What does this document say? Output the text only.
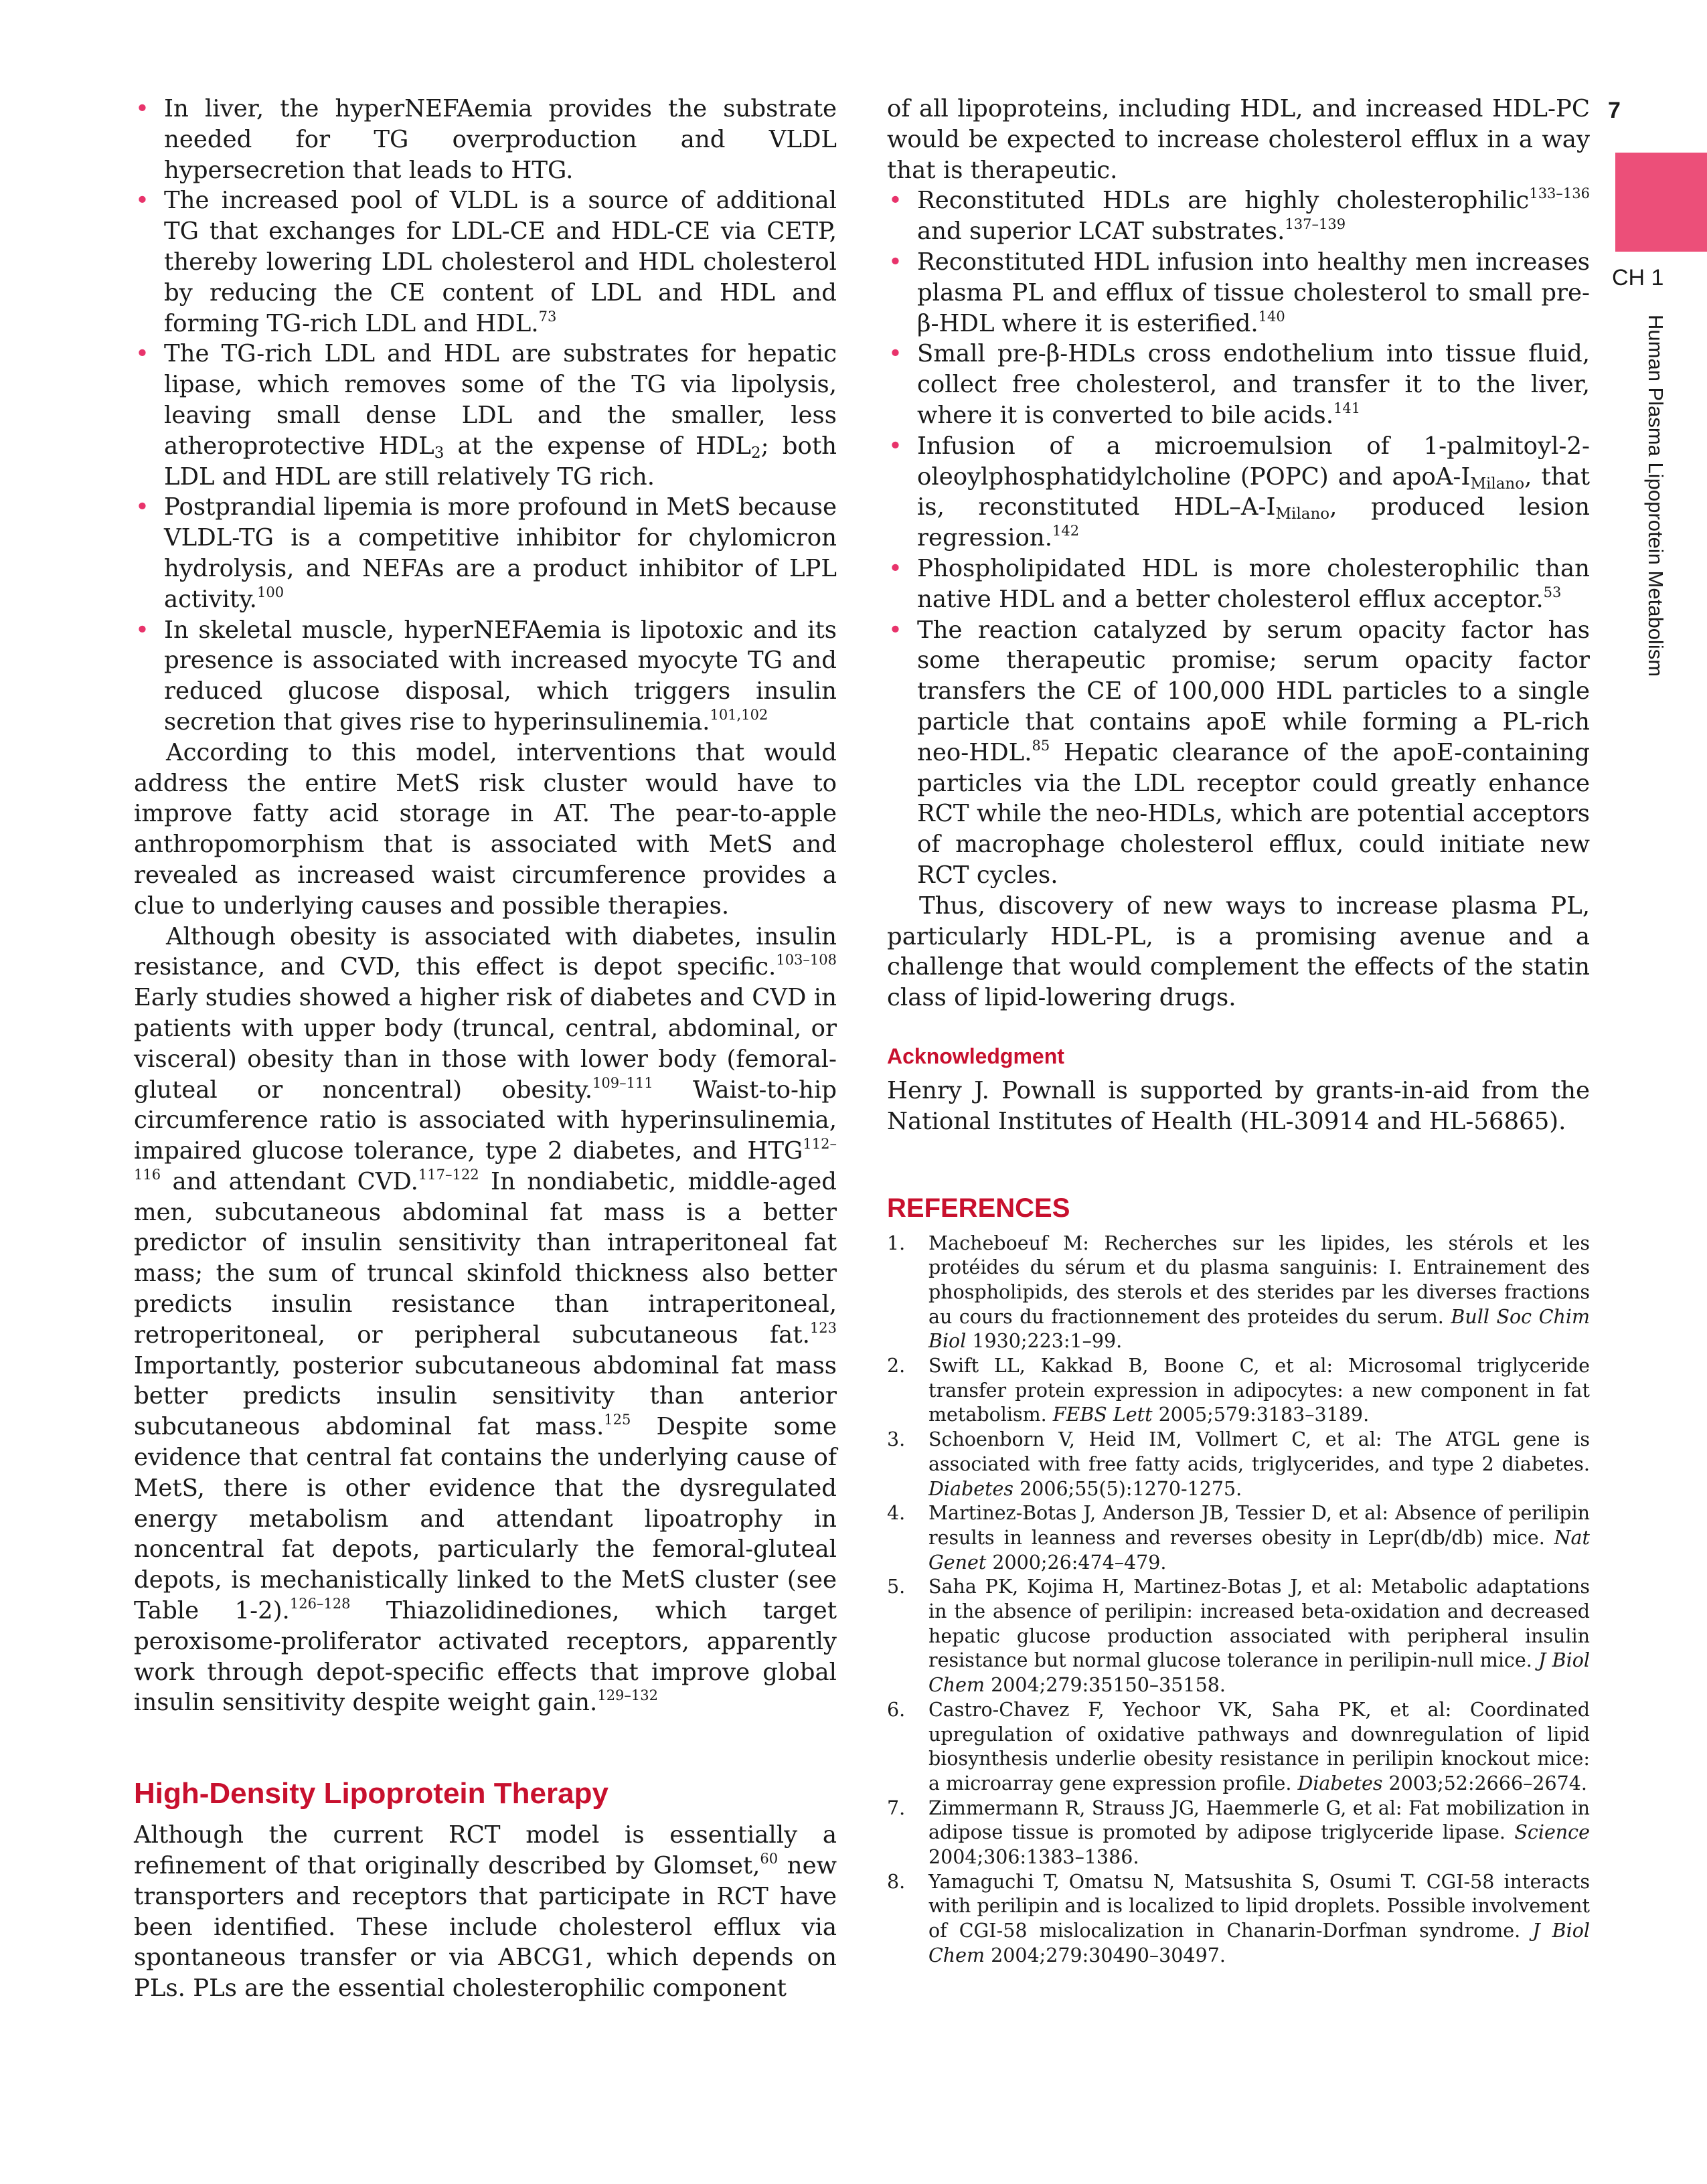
7
CH 1
Human Plasma Lipoprotein Metabolism
• In liver, the hyperNEFAemia provides the substrate needed for TG overproduction and VLDL hypersecretion that leads to HTG.
• The increased pool of VLDL is a source of additional TG that exchanges for LDL-CE and HDL-CE via CETP, thereby lowering LDL cholesterol and HDL cholesterol by reducing the CE content of LDL and HDL and forming TG-rich LDL and HDL.$^{73}$
• The TG-rich LDL and HDL are substrates for hepatic lipase, which removes some of the TG via lipolysis, leaving small dense LDL and the smaller, less atheroprotective $HDL_3$ at the expense of $HDL_2$; both LDL and HDL are still relatively TG rich.
• Postprandial lipemia is more profound in MetS because VLDL-TG is a competitive inhibitor for chylomicron hydrolysis, and NEFAs are a product inhibitor of LPL activity.$^{100}$
• In skeletal muscle, hyperNEFAemia is lipotoxic and its presence is associated with increased myocyte TG and reduced glucose disposal, which triggers insulin secretion that gives rise to hyperinsulinemia.$^{101,102}$

According to this model, interventions that would address the entire MetS risk cluster would have to improve fatty acid storage in AT. The pear-to-apple anthropomorphism that is associated with MetS and revealed as increased waist circumference provides a clue to underlying causes and possible therapies.

Although obesity is associated with diabetes, insulin resistance, and CVD, this effect is depot specific.$^{103-108}$ Early studies showed a higher risk of diabetes and CVD in patients with upper body (truncal, central, abdominal, or visceral) obesity than in those with lower body (femoral-gluteal or noncentral) obesity.$^{109-111}$ Waist-to-hip circumference ratio is associated with hyperinsulinemia, impaired glucose tolerance, type 2 diabetes, and HTG$^{112-116}$ and attendant CVD.$^{117-122}$ In nondiabetic, middle-aged men, subcutaneous abdominal fat mass is a better predictor of insulin sensitivity than intraperitoneal fat mass; the sum of truncal skinfold thickness also better predicts insulin resistance than intraperitoneal, retroperitoneal, or peripheral subcutaneous fat.$^{123}$ Importantly, posterior subcutaneous abdominal fat mass better predicts insulin sensitivity than anterior subcutaneous abdominal fat mass.$^{125}$ Despite some evidence that central fat contains the underlying cause of MetS, there is other evidence that the dysregulated energy metabolism and attendant lipoatrophy in noncentral fat depots, particularly the femoral-gluteal depots, is mechanistically linked to the MetS cluster (see Table 1-2).$^{126-128}$ Thiazolidinediones, which target peroxisome-proliferator activated receptors, apparently work through depot-specific effects that improve global insulin sensitivity despite weight gain.$^{129-132}$

High-Density Lipoprotein Therapy

Although the current RCT model is essentially a refinement of that originally described by Glomset,$^{60}$ new transporters and receptors that participate in RCT have been identified. These include cholesterol efflux via spontaneous transfer or via ABCG1, which depends on PLs. PLs are the essential cholesterophilic component

of all lipoproteins, including HDL, and increased HDL-PC would be expected to increase cholesterol efflux in a way that is therapeutic.

• Reconstituted HDLs are highly cholesterophilic$^{133-136}$ and superior LCAT substrates.$^{137-139}$
• Reconstituted HDL infusion into healthy men increases plasma PL and efflux of tissue cholesterol to small pre-β-HDL where it is esterified.$^{140}$
• Small pre-β-HDLs cross endothelium into tissue fluid, collect free cholesterol, and transfer it to the liver, where it is converted to bile acids.$^{141}$
• Infusion of a microemulsion of 1-palmitoyl-2-oleoylphosphatidylcholine (POPC) and apoA-$I_{Milano}$, that is, reconstituted HDL–$A-I_{Milano}$, produced lesion regression.$^{142}$
• Phospholipidated HDL is more cholesterophilic than native HDL and a better cholesterol efflux acceptor.$^{53}$
• The reaction catalyzed by serum opacity factor has some therapeutic promise; serum opacity factor transfers the CE of 100,000 HDL particles to a single particle that contains apoE while forming a PL-rich neo-HDL.$^{85}$ Hepatic clearance of the apoE-containing particles via the LDL receptor could greatly enhance RCT while the neo-HDLs, which are potential acceptors of macrophage cholesterol efflux, could initiate new RCT cycles.

Thus, discovery of new ways to increase plasma PL, particularly HDL-PL, is a promising avenue and a challenge that would complement the effects of the statin class of lipid-lowering drugs.

Acknowledgment

Henry J. Pownall is supported by grants-in-aid from the National Institutes of Health (HL-30914 and HL-56865).

REFERENCES
1. Macheboeuf M: Recherches sur les lipides, les stérols et les protéides du sérum et du plasma sanguinis: I. Entrainement des phospholipids, des sterols et des sterides par les diverses fractions au cours du fractionnement des proteides du serum. Bull Soc Chim Biol 1930;223:1–99.
2. Swift LL, Kakkad B, Boone C, et al: Microsomal triglyceride transfer protein expression in adipocytes: a new component in fat metabolism. FEBS Lett 2005;579:3183–3189.
3. Schoenborn V, Heid IM, Vollmert C, et al: The ATGL gene is associated with free fatty acids, triglycerides, and type 2 diabetes. Diabetes 2006;55(5):1270-1275.
4. Martinez-Botas J, Anderson JB, Tessier D, et al: Absence of perilipin results in leanness and reverses obesity in Lepr(db/db) mice. Nat Genet 2000;26:474–479.
5. Saha PK, Kojima H, Martinez-Botas J, et al: Metabolic adaptations in the absence of perilipin: increased beta-oxidation and decreased hepatic glucose production associated with peripheral insulin resistance but normal glucose tolerance in perilipin-null mice. J Biol Chem 2004;279:35150–35158.
6. Castro-Chavez F, Yechoor VK, Saha PK, et al: Coordinated upregulation of oxidative pathways and downregulation of lipid biosynthesis underlie obesity resistance in perilipin knockout mice: a microarray gene expression profile. Diabetes 2003;52:2666–2674.
7. Zimmermann R, Strauss JG, Haemmerle G, et al: Fat mobilization in adipose tissue is promoted by adipose triglyceride lipase. Science 2004;306:1383–1386.
8. Yamaguchi T, Omatsu N, Matsushita S, Osumi T. CGI-58 interacts with perilipin and is localized to lipid droplets. Possible involvement of CGI-58 mislocalization in Chanarin-Dorfman syndrome. J Biol Chem 2004;279:30490–30497.
